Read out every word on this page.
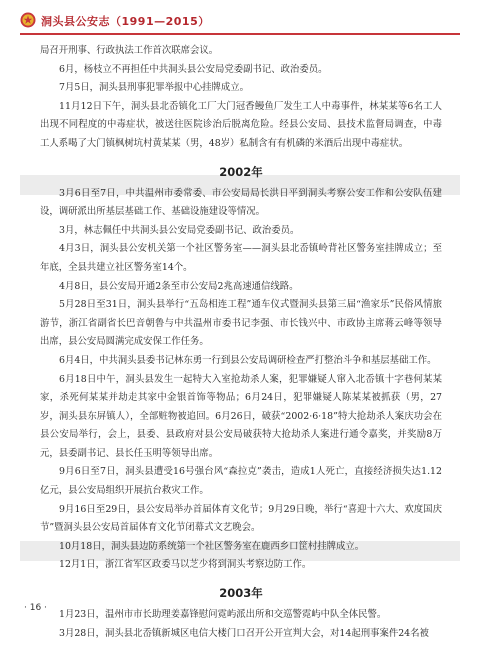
洞头县公安志（1991—2015）

局召开刑事、行政执法工作首次联席会议。

6月，杨枝立不再担任中共洞头县公安局党委副书记、政治委员。

7月5日，洞头县刑事犯罪举报中心挂牌成立。

11月12日下午，洞头县北岙镇化工厂大门冠香鳗鱼厂发生工人中毒事件，林某某等6名工人出现不同程度的中毒症状，被送往医院诊治后脱离危险。经县公安局、县技术监督局调查，中毒工人系喝了大门镇枫树坑村黄某某（男，48岁）私制含有有机磷的米酒后出现中毒症状。

2002年

3月6日至7日，中共温州市委常委、市公安局局长洪日平到洞头考察公安工作和公安队伍建设，调研派出所基层基础工作、基础设施建设等情况。

3月，林志佩任中共洞头县公安局党委副书记、政治委员。

4月3日，洞头县公安机关第一个社区警务室——洞头县北岙镇岭背社区警务室挂牌成立；至年底，全县共建立社区警务室14个。

4月8日，县公安局开通2条至市公安局2兆高速通信线路。

5月28日至31日，洞头县举行“五岛相连工程”通车仪式暨洞头县第三届“渔家乐”民俗风情旅游节，浙江省副省长巴音朝鲁与中共温州市委书记李强、市长钱兴中、市政协主席蒋云峰等领导出席，县公安局圆满完成安保工作任务。

6月4日，中共洞头县委书记林东勇一行到县公安局调研检查严打整治斗争和基层基础工作。

6月18日中午，洞头县发生一起特大入室抢劫杀人案，犯罪嫌疑人窜入北岙镇十字巷何某某家，杀死何某某并劫走其家中金银首饰等物品；6月24日，犯罪嫌疑人陈某某被抓获（男，27岁，洞头县东屏镇人），全部赃物被追回。6月26日，破获“2002·6·18”特大抢劫杀人案庆功会在县公安局举行，会上，县委、县政府对县公安局破获特大抢劫杀人案进行通令嘉奖，并奖励8万元，县委副书记、县长任玉明等领导出席。

9月6日至7日，洞头县遭受16号强台风“森拉克”袭击，造成1人死亡，直接经济损失达1.12亿元，县公安局组织开展抗台救灾工作。

9月16日至29日，县公安局举办首届体育文化节；9月29日晚，举行“喜迎十六大、欢度国庆节”暨洞头县公安局首届体育文化节闭幕式文艺晚会。

10月18日，洞头县边防系统第一个社区警务室在鹿西乡口筐村挂牌成立。

12月1日，浙江省军区政委马以芝少将到洞头考察边防工作。

2003年

1月23日，温州市市长助理姜嘉锋慰问霓屿派出所和交巡警霓屿中队全体民警。

3月28日，洞头县北岙镇新城区电信大楼门口召开公开宣判大会，对14起刑事案件24名被

· 16 ·
